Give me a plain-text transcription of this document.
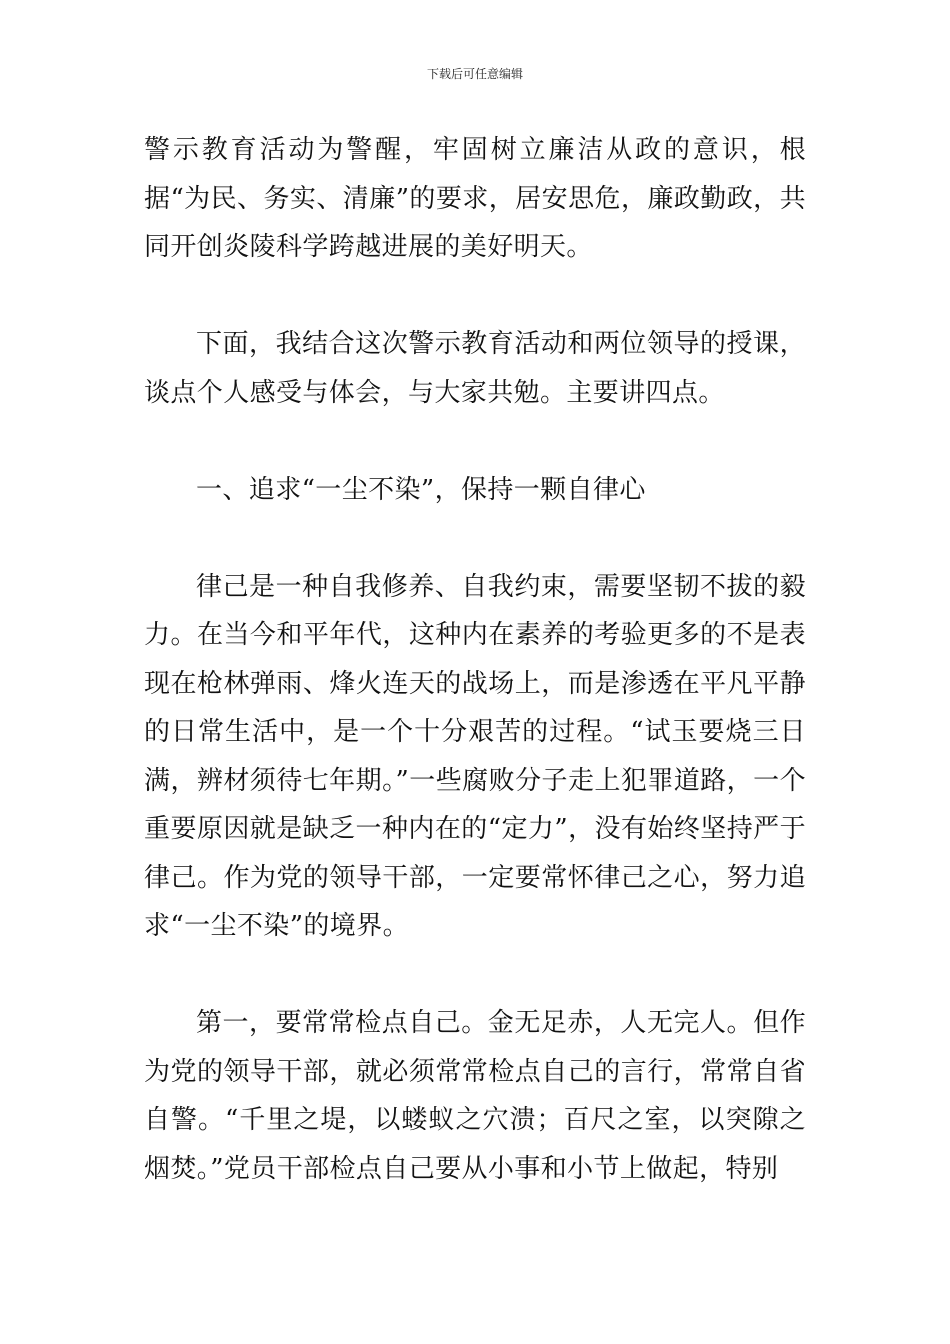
下载后可任意编辑

警示教育活动为警醒，牢固树立廉洁从政的意识，根据“为民、务实、清廉”的要求，居安思危，廉政勤政，共同开创炎陵科学跨越进展的美好明天。

下面，我结合这次警示教育活动和两位领导的授课，谈点个人感受与体会，与大家共勉。主要讲四点。

一、追求“一尘不染”，保持一颗自律心

律己是一种自我修养、自我约束，需要坚韧不拔的毅力。在当今和平年代，这种内在素养的考验更多的不是表现在枪林弹雨、烽火连天的战场上，而是渗透在平凡平静的日常生活中，是一个十分艰苦的过程。“试玉要烧三日满，辨材须待七年期。”一些腐败分子走上犯罪道路，一个重要原因就是缺乏一种内在的“定力”，没有始终坚持严于律己。作为党的领导干部，一定要常怀律己之心，努力追求“一尘不染”的境界。

第一，要常常检点自己。金无足赤，人无完人。但作为党的领导干部，就必须常常检点自己的言行，常常自省自警。“千里之堤，以蝼蚁之穴溃；百尺之室，以突隙之烟焚。”党员干部检点自己要从小事和小节上做起，特别
